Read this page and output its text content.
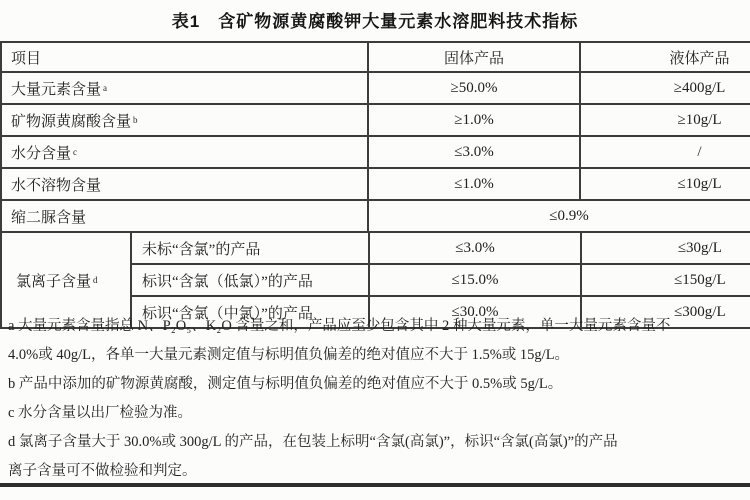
表1　含矿物源黄腐酸钾大量元素水溶肥料技术指标
项目	固体产品	液体产品
大量元素含量 a	≥50.0%	≥400g/L
矿物源黄腐酸含量 b	≥1.0%	≥10g/L
水分含量 c	≤3.0%	/
水不溶物含量	≤1.0%	≤10g/L
缩二脲含量	≤0.9%
氯离子含量 d
未标“含氯”的产品	≤3.0%	≤30g/L
标识“含氯（低氯）”的产品	≤15.0%	≤150g/L
标识“含氯（中氯）”的产品	≤30.0%	≤300g/L
a 大量元素含量指总 N、P₂O₅、K₂O 含量之和，产品应至少包含其中 2 种大量元素，单一大量元素含量不
4.0%或 40g/L，各单一大量元素测定值与标明值负偏差的绝对值应不大于 1.5%或 15g/L。
b 产品中添加的矿物源黄腐酸，测定值与标明值负偏差的绝对值应不大于 0.5%或 5g/L。
c 水分含量以出厂检验为准。
d 氯离子含量大于 30.0%或 300g/L 的产品，在包装上标明“含氯(高氯)”，标识“含氯(高氯)”的产品
离子含量可不做检验和判定。
